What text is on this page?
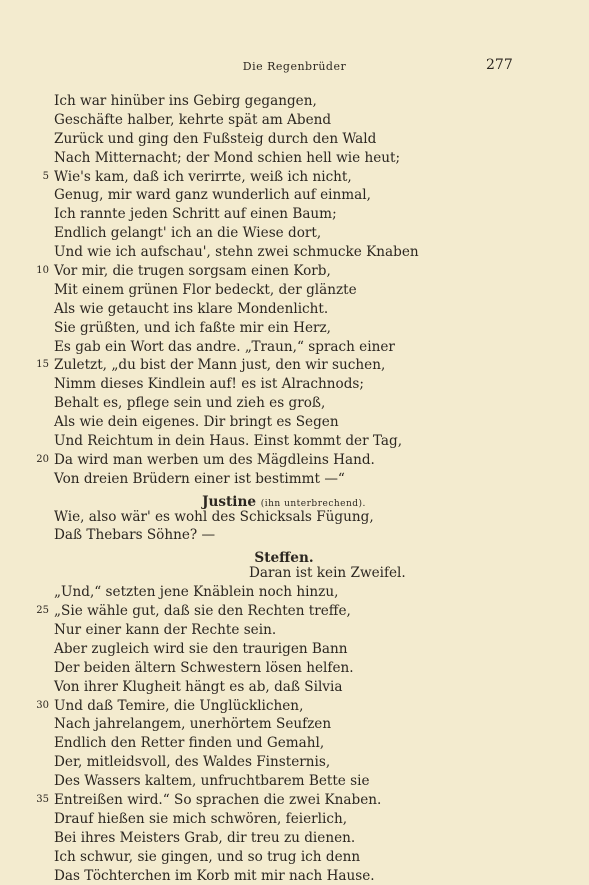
Die Regenbrüder	277
Ich war hinüber ins Gebirg gegangen,
Geschäfte halber, kehrte spät am Abend
Zurück und ging den Fußsteig durch den Wald
Nach Mitternacht; der Mond schien hell wie heut;
5 Wie's kam, daß ich verirrte, weiß ich nicht,
Genug, mir ward ganz wunderlich auf einmal,
Ich rannte jeden Schritt auf einen Baum;
Endlich gelangt' ich an die Wiese dort,
Und wie ich aufschau', stehn zwei schmucke Knaben
10 Vor mir, die trugen sorgsam einen Korb,
Mit einem grünen Flor bedeckt, der glänzte
Als wie getaucht ins klare Mondenlicht.
Sie grüßten, und ich faßte mir ein Herz,
Es gab ein Wort das andre. „Traun,“ sprach einer
15 Zuletzt, „du bist der Mann just, den wir suchen,
Nimm dieses Kindlein auf! es ist Alrachnods;
Behalt es, pflege sein und zieh es groß,
Als wie dein eigenes. Dir bringt es Segen
Und Reichtum in dein Haus. Einst kommt der Tag,
20 Da wird man werben um des Mägdleins Hand.
Von dreien Brüdern einer ist bestimmt —“
Justine (ihn unterbrechend).
Wie, also wär' es wohl des Schicksals Fügung,
Daß Thebars Söhne? —
Steffen.
Daran ist kein Zweifel.
„Und,“ setzten jene Knäblein noch hinzu,
25 „Sie wähle gut, daß sie den Rechten treffe,
Nur einer kann der Rechte sein.
Aber zugleich wird sie den traurigen Bann
Der beiden ältern Schwestern lösen helfen.
Von ihrer Klugheit hängt es ab, daß Silvia
30 Und daß Temire, die Unglücklichen,
Nach jahrelangem, unerhörtem Seufzen
Endlich den Retter finden und Gemahl,
Der, mitleidsvoll, des Waldes Finsternis,
Des Wassers kaltem, unfruchtbarem Bette sie
35 Entreißen wird.“ So sprachen die zwei Knaben.
Drauf hießen sie mich schwören, feierlich,
Bei ihres Meisters Grab, dir treu zu dienen.
Ich schwur, sie gingen, und so trug ich denn
Das Töchterchen im Korb mit mir nach Hause.
